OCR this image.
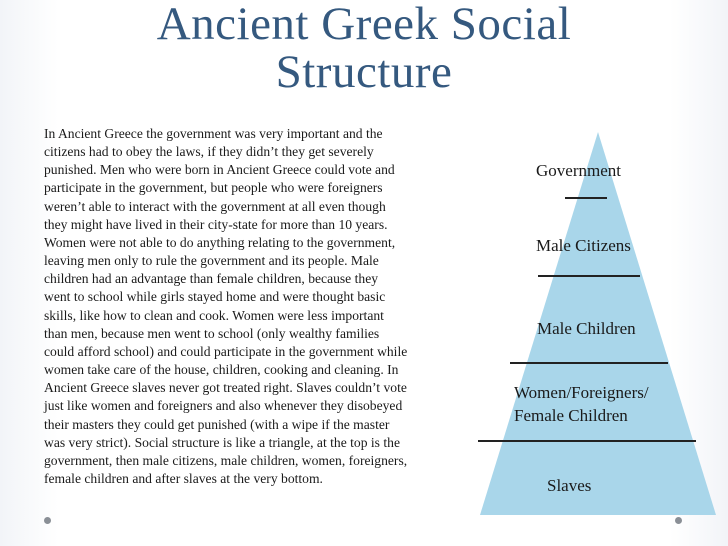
Ancient Greek Social
Structure
Government
Male Citizens
Male Children
Women/Foreigners/
Female Children
Slaves
In Ancient Greece the government was very important and the
citizens had to obey the laws, if they didn’t they get severely
punished. Men who were born in Ancient Greece could vote and
participate in the government, but people who were foreigners
weren’t able to interact with the government at all even though
they might have lived in their city-state for more than 10 years.
Women were not able to do anything relating to the government,
leaving men only to rule the government and its people. Male
children had an advantage than female children, because they
went to school while girls stayed home and were thought basic
skills, like how to clean and cook. Women were less important
than men, because men went to school (only wealthy families
could afford school) and could participate in the government while
women take care of the house, children, cooking and cleaning. In
Ancient Greece slaves never got treated right. Slaves couldn’t vote
just like women and foreigners and also whenever they disobeyed
their masters they could get punished (with a wipe if the master
was very strict). Social structure is like a triangle, at the top is the
government, then male citizens, male children, women, foreigners,
female children and after slaves at the very bottom.
